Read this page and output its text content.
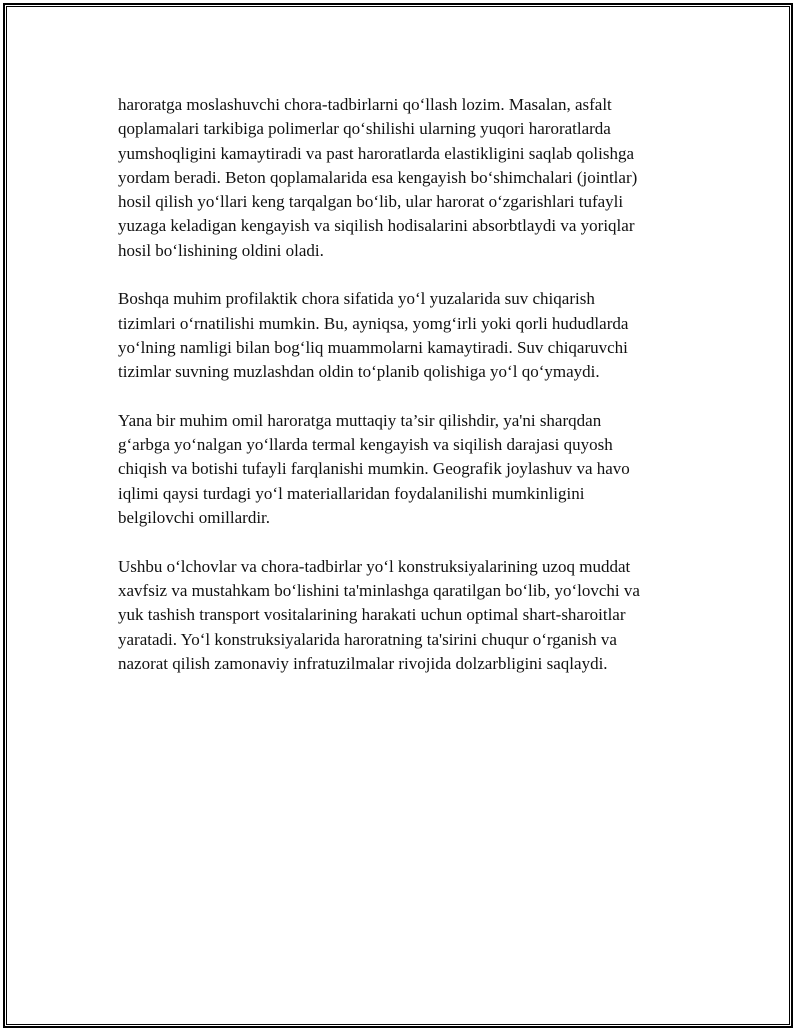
haroratga moslashuvchi chora-tadbirlarni qo‘llash lozim. Masalan, asfalt
qoplamalari tarkibiga polimerlar qo‘shilishi ularning yuqori haroratlarda
yumshoqligini kamaytiradi va past haroratlarda elastikligini saqlab qolishga
yordam beradi. Beton qoplamalarida esa kengayish bo‘shimchalari (jointlar)
hosil qilish yo‘llari keng tarqalgan bo‘lib, ular harorat o‘zgarishlari tufayli
yuzaga keladigan kengayish va siqilish hodisalarini absorbtlaydi va yoriqlar
hosil bo‘lishining oldini oladi.

Boshqa muhim profilaktik chora sifatida yo‘l yuzalarida suv chiqarish
tizimlari o‘rnatilishi mumkin. Bu, ayniqsa, yomg‘irli yoki qorli hududlarda
yo‘lning namligi bilan bog‘liq muammolarni kamaytiradi. Suv chiqaruvchi
tizimlar suvning muzlashdan oldin to‘planib qolishiga yo‘l qo‘ymaydi.

Yana bir muhim omil haroratga muttaqiy ta’sir qilishdir, ya'ni sharqdan
g‘arbga yo‘nalgan yo‘llarda termal kengayish va siqilish darajasi quyosh
chiqish va botishi tufayli farqlanishi mumkin. Geografik joylashuv va havo
iqlimi qaysi turdagi yo‘l materiallaridan foydalanilishi mumkinligini
belgilovchi omillardir.

Ushbu o‘lchovlar va chora-tadbirlar yo‘l konstruksiyalarining uzoq muddat
xavfsiz va mustahkam bo‘lishini ta'minlashga qaratilgan bo‘lib, yo‘lovchi va
yuk tashish transport vositalarining harakati uchun optimal shart-sharoitlar
yaratadi. Yo‘l konstruksiyalarida haroratning ta'sirini chuqur o‘rganish va
nazorat qilish zamonaviy infratuzilmalar rivojida dolzarbligini saqlaydi.
